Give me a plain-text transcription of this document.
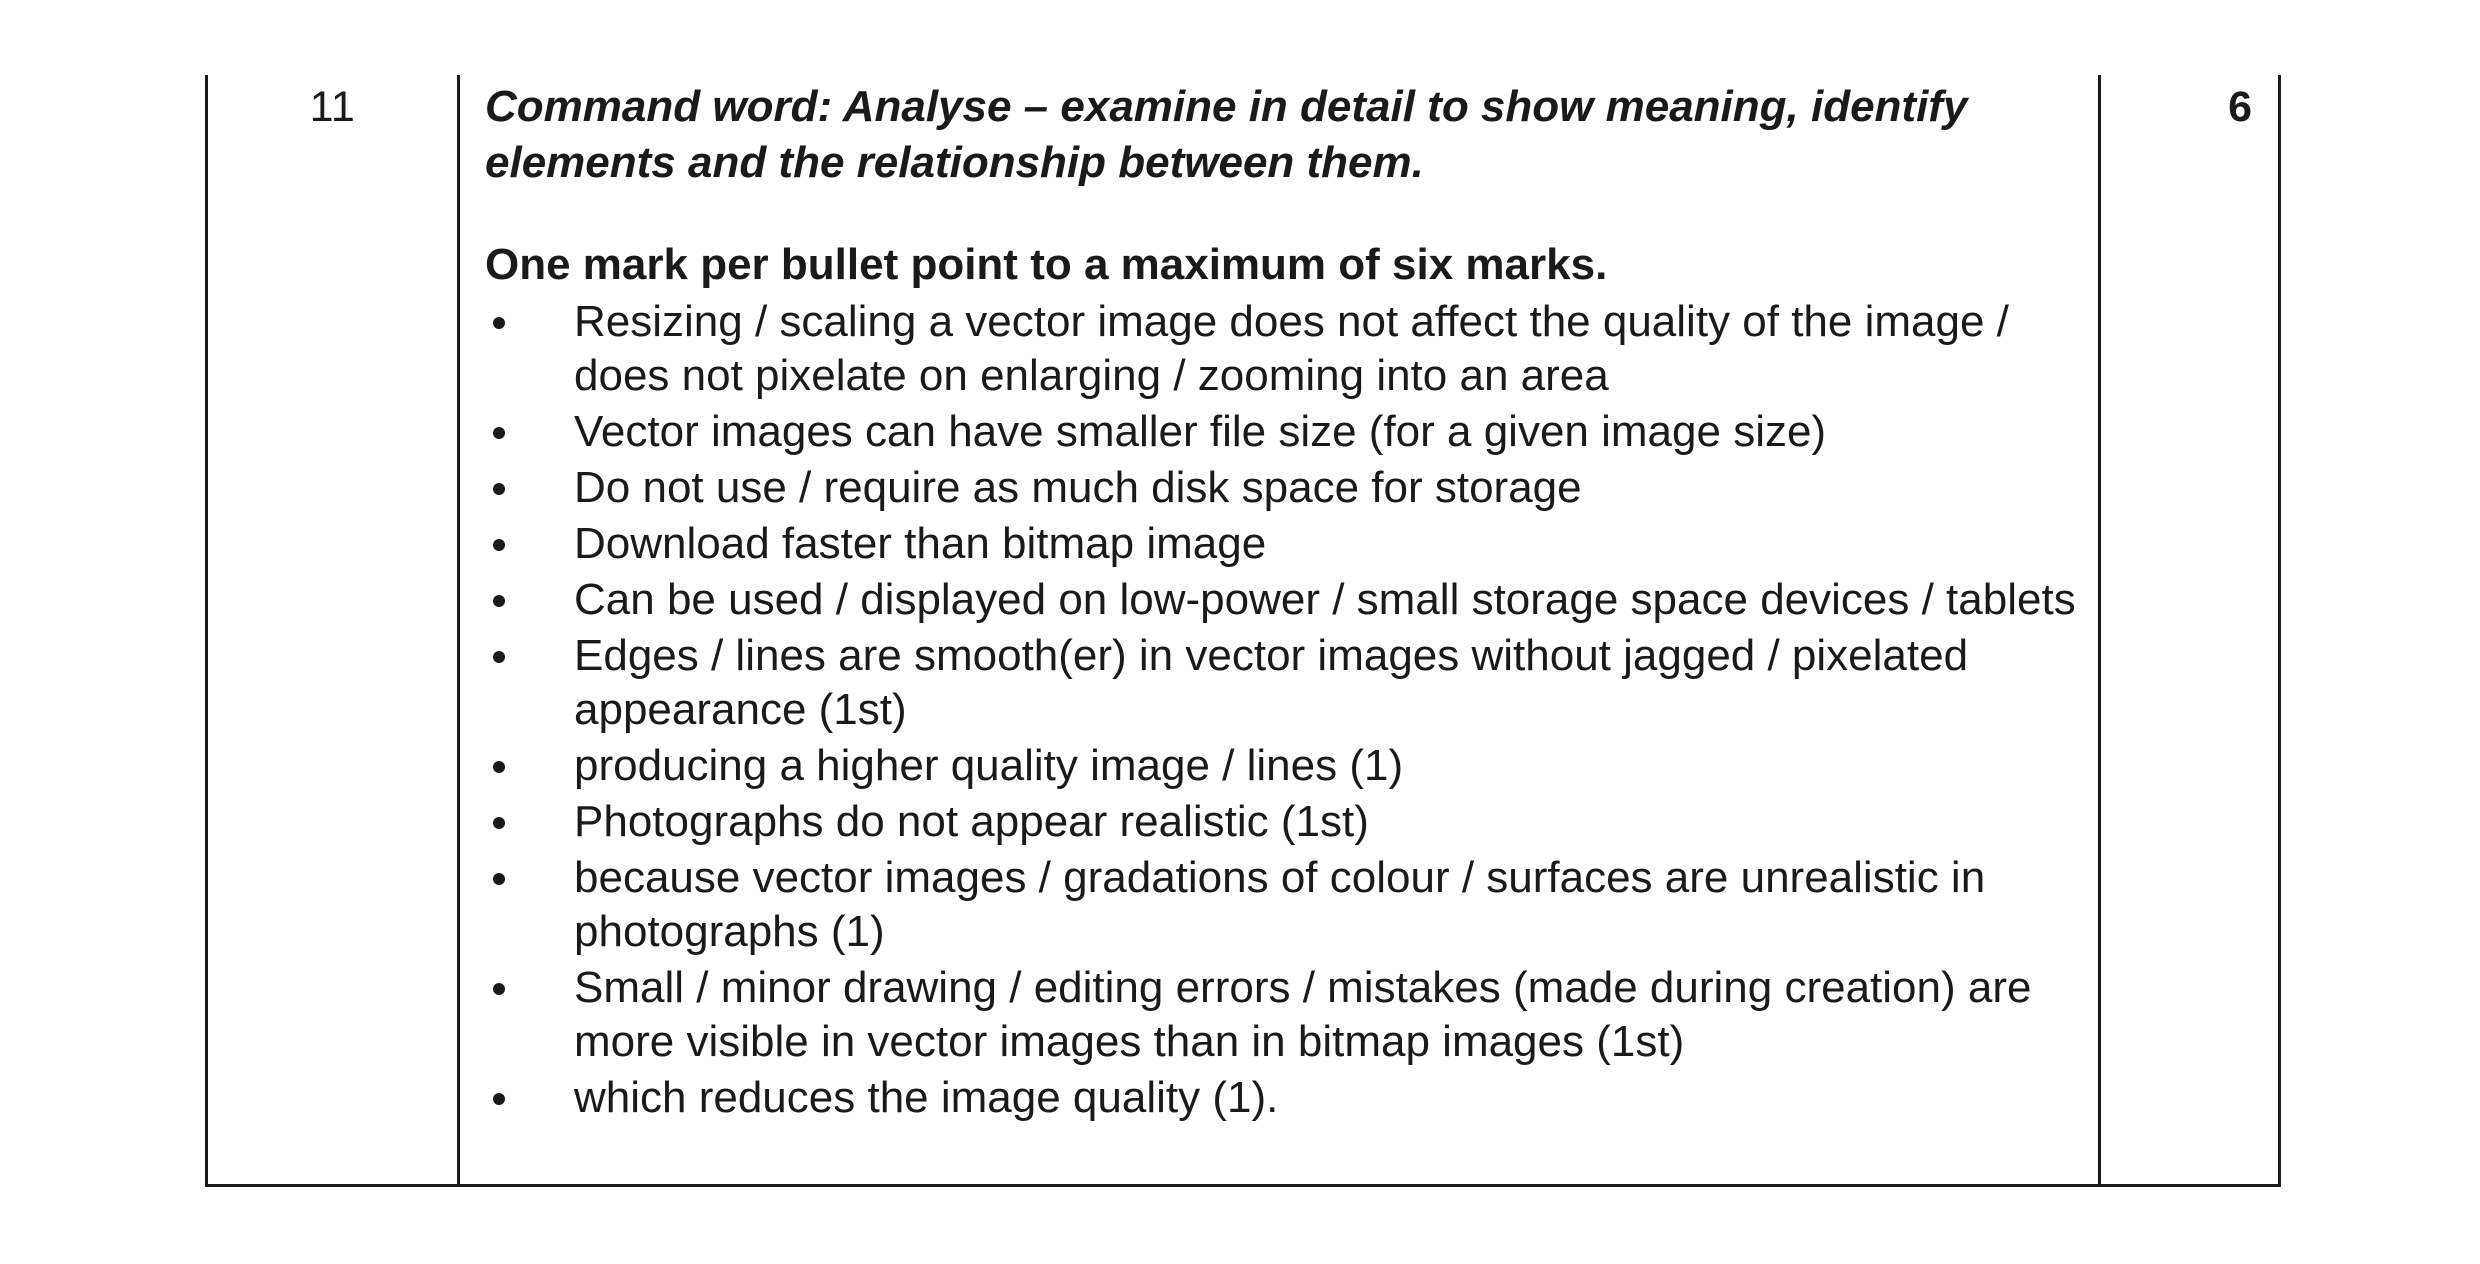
11	Command word: Analyse – examine in detail to show meaning, identify elements and the relationship between them.
One mark per bullet point to a maximum of six marks.
Resizing / scaling a vector image does not affect the quality of the image / does not pixelate on enlarging / zooming into an area
Vector images can have smaller file size (for a given image size)
Do not use / require as much disk space for storage
Download faster than bitmap image
Can be used / displayed on low-power / small storage space devices / tablets
Edges / lines are smooth(er) in vector images without jagged / pixelated appearance (1st)
producing a higher quality image / lines (1)
Photographs do not appear realistic (1st)
because vector images / gradations of colour / surfaces are unrealistic in photographs (1)
Small / minor drawing / editing errors / mistakes (made during creation) are more visible in vector images than in bitmap images (1st)
which reduces the image quality (1).
6
